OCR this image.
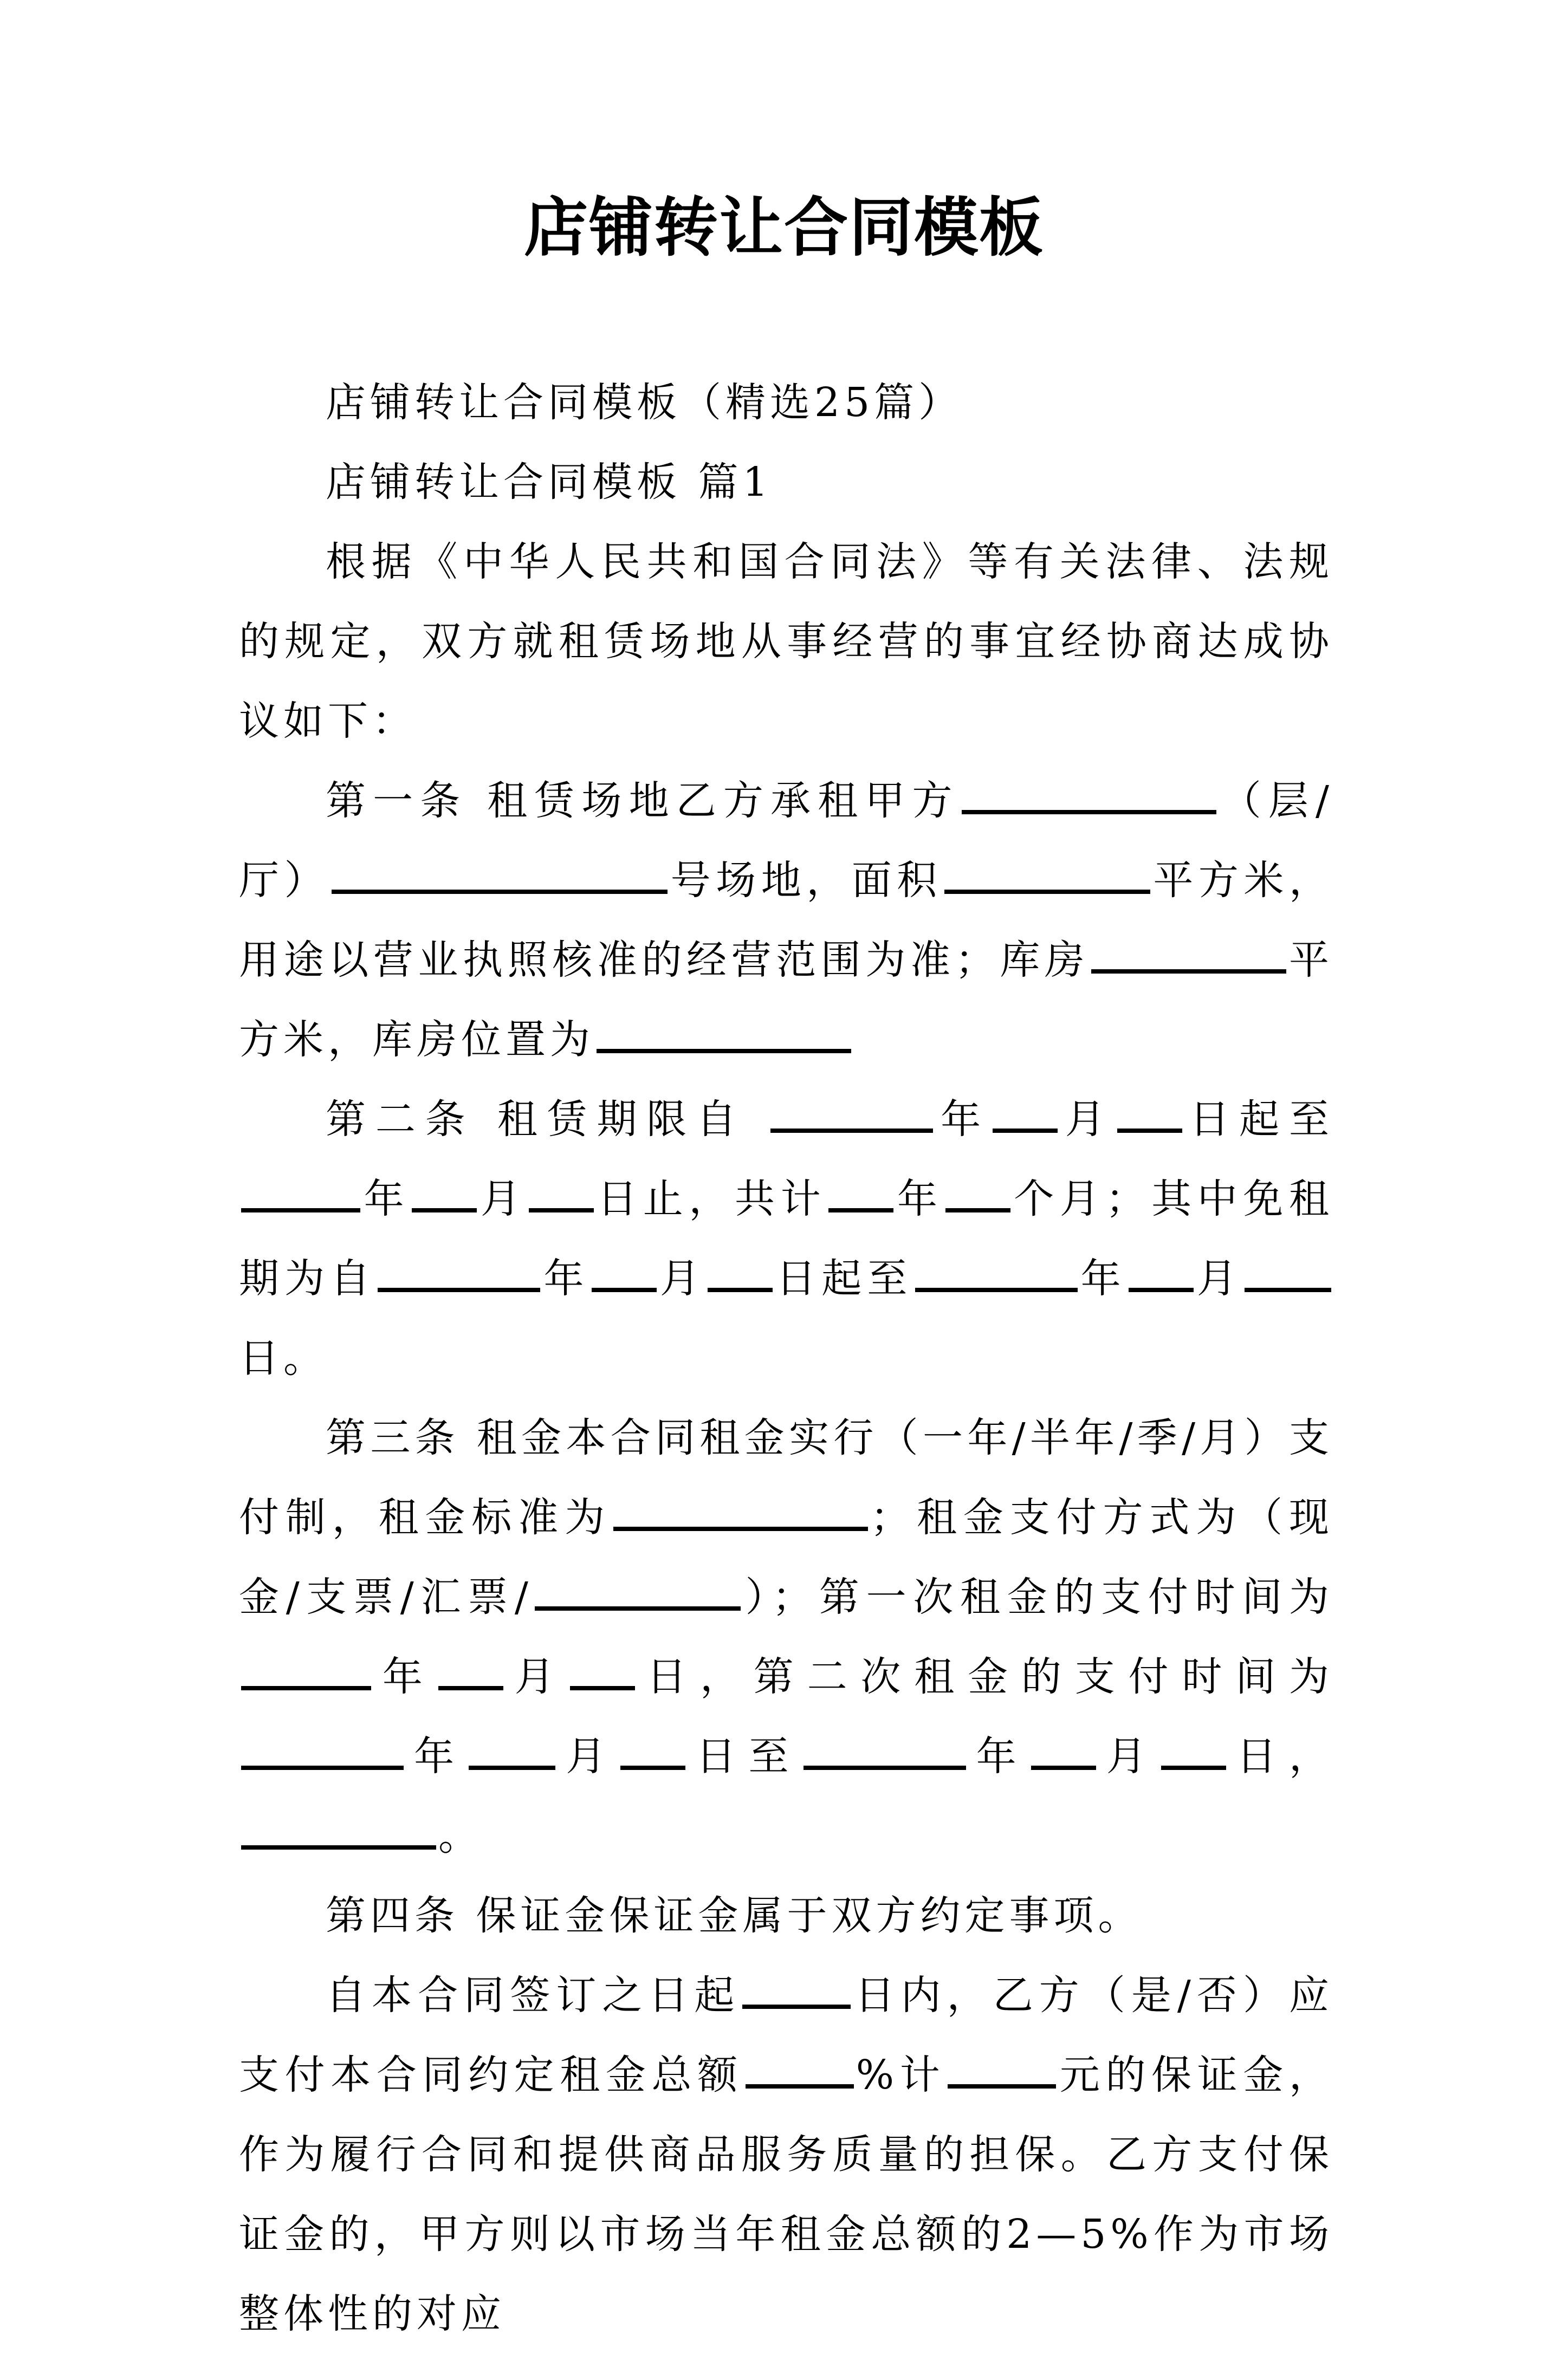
店铺转让合同模板

店铺转让合同模板（精选25篇）

店铺转让合同模板 篇1

根据《中华人民共和国合同法》等有关法律、法规的规定，双方就租赁场地从事经营的事宜经协商达成协议如下：

第一条 租赁场地乙方承租甲方	（层/厅）	号场地，面积	平方米，用途以营业执照核准的经营范围为准；库房	平方米，库房位置为

第二条 租赁期限自	年 月 日起至年 月 日止，共计 年 个月；其中免租期为自	年 月 日起至	年 月日。

第三条 租金本合同租金实行（一年/半年/季/月）支付制，租金标准为	；租金支付方式为（现金/支票/汇票/	）；第一次租金的支付时间为 年 月 日，第二次租金的支付时间为年 月 日至	年 月 日，。

第四条 保证金保证金属于双方约定事项。

自本合同签订之日起	日内，乙方（是/否）应支付本合同约定租金总额	%计	元的保证金，作为履行合同和提供商品服务质量的担保。乙方支付保证金的，甲方则以市场当年租金总额的2—5%作为市场整体性的对应
